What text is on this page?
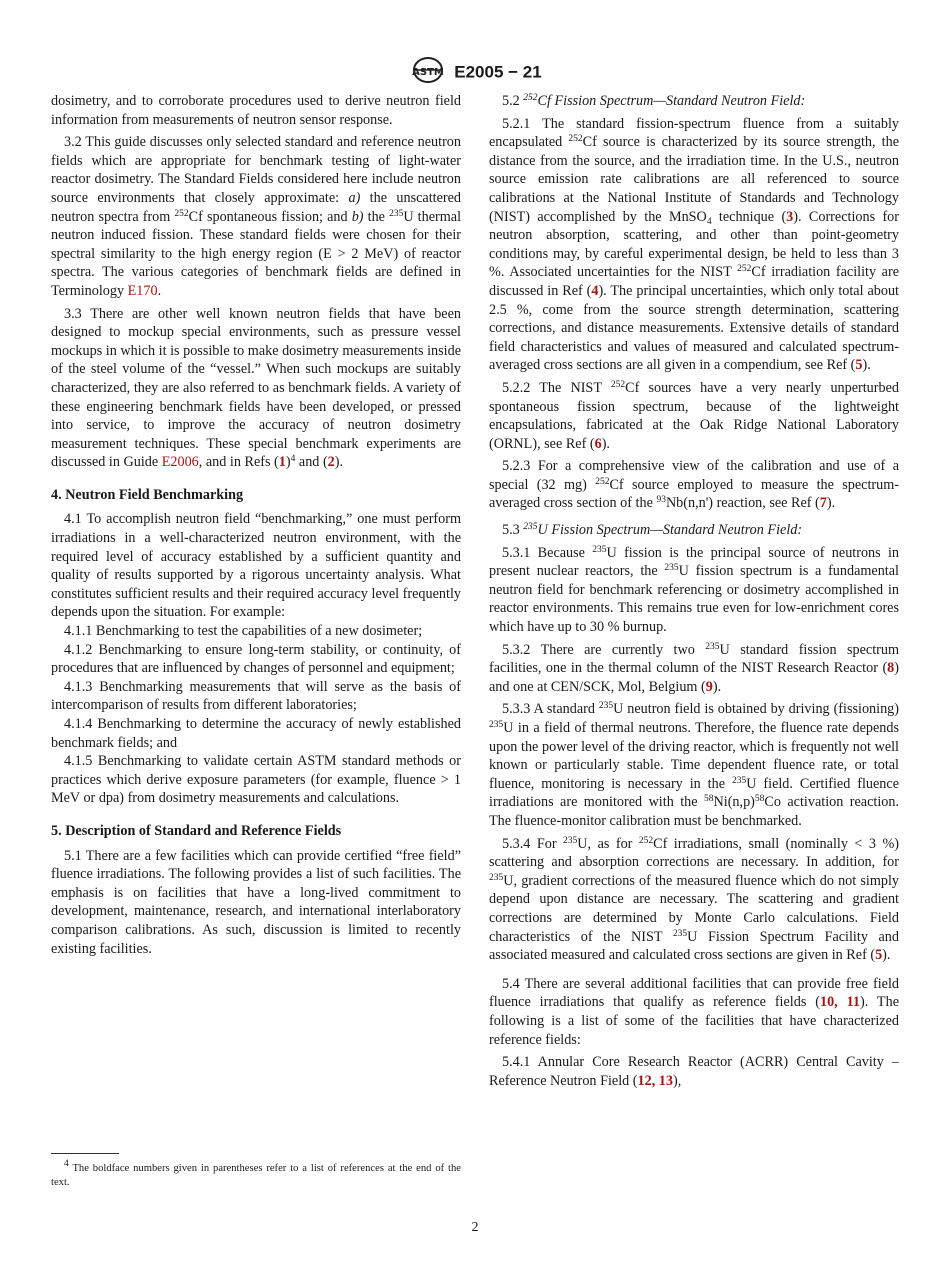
ASTM E2005 − 21

dosimetry, and to corroborate procedures used to derive neutron field information from measurements of neutron sensor response.

3.2 This guide discusses only selected standard and reference neutron fields which are appropriate for benchmark testing of light-water reactor dosimetry. The Standard Fields considered here include neutron source environments that closely approximate: a) the unscattered neutron spectra from $^{252}$Cf spontaneous fission; and b) the $^{235}$U thermal neutron induced fission. These standard fields were chosen for their spectral similarity to the high energy region (E > 2 MeV) of reactor spectra. The various categories of benchmark fields are defined in Terminology E170.

3.3 There are other well known neutron fields that have been designed to mockup special environments, such as pressure vessel mockups in which it is possible to make dosimetry measurements inside of the steel volume of the “vessel.” When such mockups are suitably characterized, they are also referred to as benchmark fields. A variety of these engineering benchmark fields have been developed, or pressed into service, to improve the accuracy of neutron dosimetry measurement techniques. These special benchmark experiments are discussed in Guide E2006, and in Refs $(1)^4$ and (2).

4. Neutron Field Benchmarking

4.1 To accomplish neutron field “benchmarking,” one must perform irradiations in a well-characterized neutron environment, with the required level of accuracy established by a sufficient quantity and quality of results supported by a rigorous uncertainty analysis. What constitutes sufficient results and their required accuracy level frequently depends upon the situation. For example:

4.1.1 Benchmarking to test the capabilities of a new dosimeter;

4.1.2 Benchmarking to ensure long-term stability, or continuity, of procedures that are influenced by changes of personnel and equipment;

4.1.3 Benchmarking measurements that will serve as the basis of intercomparison of results from different laboratories;

4.1.4 Benchmarking to determine the accuracy of newly established benchmark fields; and

4.1.5 Benchmarking to validate certain ASTM standard methods or practices which derive exposure parameters (for example, fluence > 1 MeV or dpa) from dosimetry measurements and calculations.

5. Description of Standard and Reference Fields

5.1 There are a few facilities which can provide certified “free field” fluence irradiations. The following provides a list of such facilities. The emphasis is on facilities that have a long-lived commitment to development, maintenance, research, and international interlaboratory comparison calibrations. As such, discussion is limited to recently existing facilities.

$^4$ The boldface numbers given in parentheses refer to a list of references at the end of the text.

5.2 $^{252}$Cf Fission Spectrum—Standard Neutron Field:

5.2.1 The standard fission-spectrum fluence from a suitably encapsulated $^{252}$Cf source is characterized by its source strength, the distance from the source, and the irradiation time. In the U.S., neutron source emission rate calibrations are all referenced to source calibrations at the National Institute of Standards and Technology (NIST) accomplished by the MnSO$_4$ technique (3). Corrections for neutron absorption, scattering, and other than point-geometry conditions may, by careful experimental design, be held to less than 3 %. Associated uncertainties for the NIST $^{252}$Cf irradiation facility are discussed in Ref (4). The principal uncertainties, which only total about 2.5 %, come from the source strength determination, scattering corrections, and distance measurements. Extensive details of standard field characteristics and values of measured and calculated spectrum-averaged cross sections are all given in a compendium, see Ref (5).

5.2.2 The NIST $^{252}$Cf sources have a very nearly unperturbed spontaneous fission spectrum, because of the lightweight encapsulations, fabricated at the Oak Ridge National Laboratory (ORNL), see Ref (6).

5.2.3 For a comprehensive view of the calibration and use of a special (32 mg) $^{252}$Cf source employed to measure the spectrum-averaged cross section of the $^{93}$Nb(n,n') reaction, see Ref (7).

5.3 $^{235}$U Fission Spectrum—Standard Neutron Field:

5.3.1 Because $^{235}$U fission is the principal source of neutrons in present nuclear reactors, the $^{235}$U fission spectrum is a fundamental neutron field for benchmark referencing or dosimetry accomplished in reactor environments. This remains true even for low-enrichment cores which have up to 30 % burnup.

5.3.2 There are currently two $^{235}$U standard fission spectrum facilities, one in the thermal column of the NIST Research Reactor (8) and one at CEN/SCK, Mol, Belgium (9).

5.3.3 A standard $^{235}$U neutron field is obtained by driving (fissioning) $^{235}$U in a field of thermal neutrons. Therefore, the fluence rate depends upon the power level of the driving reactor, which is frequently not well known or particularly stable. Time dependent fluence rate, or total fluence, monitoring is necessary in the $^{235}$U field. Certified fluence irradiations are monitored with the $^{58}Ni(n,p)^{58}Co$ activation reaction. The fluence-monitor calibration must be benchmarked.

5.3.4 For $^{235}$U, as for $^{252}$Cf irradiations, small (nominally < 3 %) scattering and absorption corrections are necessary. In addition, for $^{235}$U, gradient corrections of the measured fluence which do not simply depend upon distance are necessary. The scattering and gradient corrections are determined by Monte Carlo calculations. Field characteristics of the NIST $^{235}$U Fission Spectrum Facility and associated measured and calculated cross sections are given in Ref (5).

5.4 There are several additional facilities that can provide free field fluence irradiations that qualify as reference fields (10, 11). The following is a list of some of the facilities that have characterized reference fields:

5.4.1 Annular Core Research Reactor (ACRR) Central Cavity – Reference Neutron Field (12, 13),

2
